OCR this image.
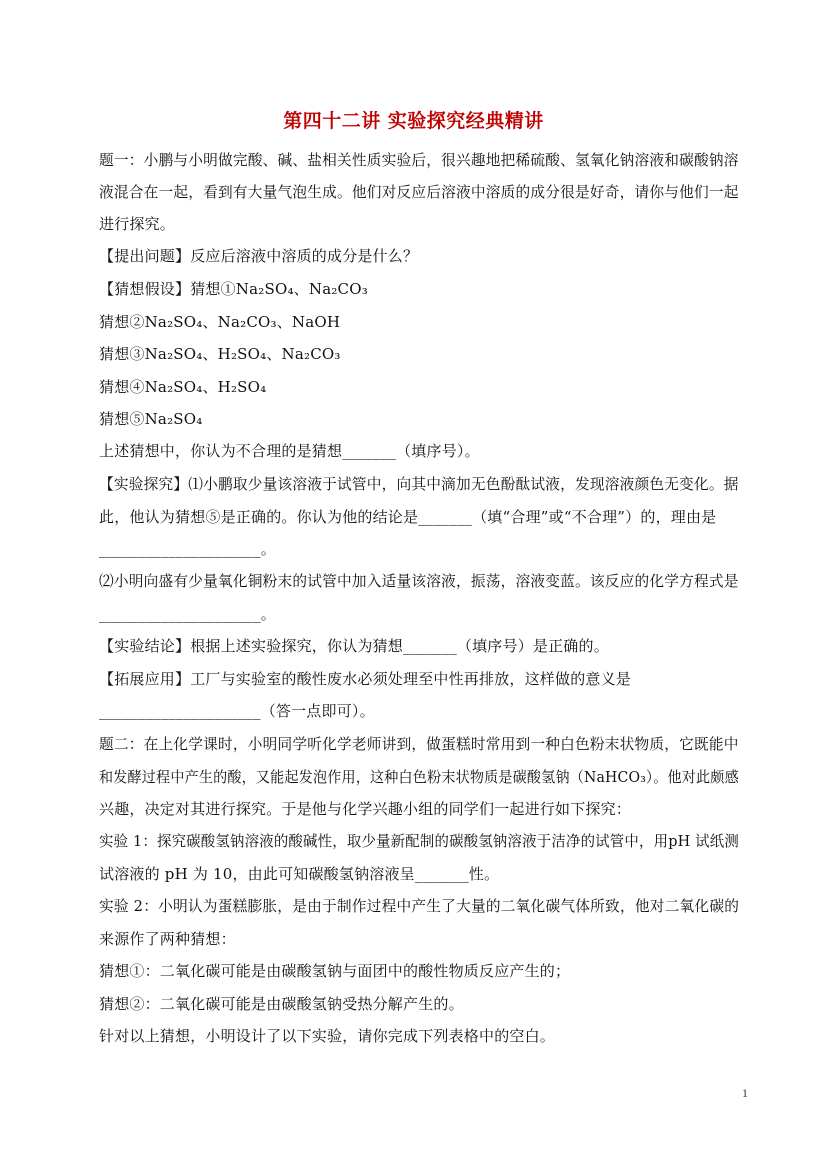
第四十二讲 实验探究经典精讲
题一：小鹏与小明做完酸、碱、盐相关性质实验后，很兴趣地把稀硫酸、氢氧化钠溶液和碳酸钠溶
液混合在一起，看到有大量气泡生成。他们对反应后溶液中溶质的成分很是好奇，请你与他们一起
进行探究。
【提出问题】反应后溶液中溶质的成分是什么？
【猜想假设】猜想①Na₂SO₄、Na₂CO₃
猜想②Na₂SO₄、Na₂CO₃、NaOH
猜想③Na₂SO₄、H₂SO₄、Na₂CO₃
猜想④Na₂SO₄、H₂SO₄
猜想⑤Na₂SO₄
上述猜想中，你认为不合理的是猜想_______（填序号）。
【实验探究】⑴小鹏取少量该溶液于试管中，向其中滴加无色酚酞试液，发现溶液颜色无变化。据
此，他认为猜想⑤是正确的。你认为他的结论是_______（填“合理”或“不合理”）的，理由是
_____________________。
⑵小明向盛有少量氧化铜粉末的试管中加入适量该溶液，振荡，溶液变蓝。该反应的化学方程式是
_____________________。
【实验结论】根据上述实验探究，你认为猜想_______（填序号）是正确的。
【拓展应用】工厂与实验室的酸性废水必须处理至中性再排放，这样做的意义是
_____________________（答一点即可）。
题二：在上化学课时，小明同学听化学老师讲到，做蛋糕时常用到一种白色粉末状物质，它既能中
和发酵过程中产生的酸，又能起发泡作用，这种白色粉末状物质是碳酸氢钠（NaHCO₃）。他对此颇感
兴趣，决定对其进行探究。于是他与化学兴趣小组的同学们一起进行如下探究：
实验 1：探究碳酸氢钠溶液的酸碱性，取少量新配制的碳酸氢钠溶液于洁净的试管中，用pH 试纸测
试溶液的 pH 为 10，由此可知碳酸氢钠溶液呈_______性。
实验 2：小明认为蛋糕膨胀，是由于制作过程中产生了大量的二氧化碳气体所致，他对二氧化碳的
来源作了两种猜想：
猜想①：二氧化碳可能是由碳酸氢钠与面团中的酸性物质反应产生的；
猜想②：二氧化碳可能是由碳酸氢钠受热分解产生的。
针对以上猜想，小明设计了以下实验，请你完成下列表格中的空白。
1
